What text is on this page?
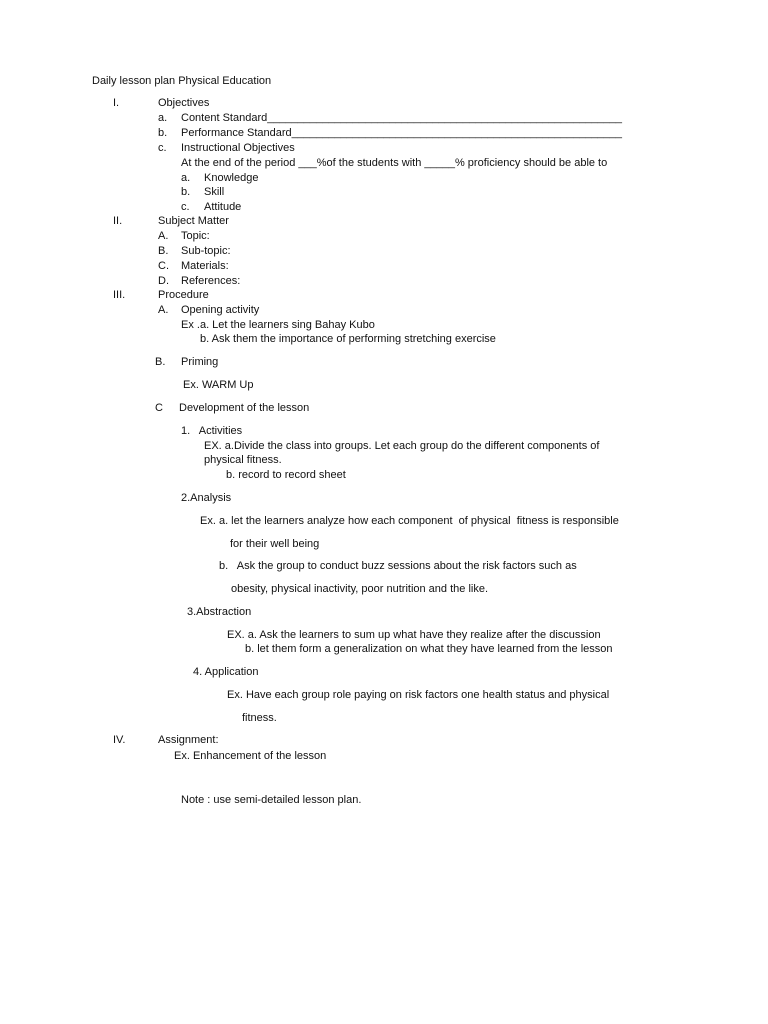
Daily lesson plan Physical Education
I.	Objectives
a. Content Standard__________________________________________________________
b. Performance Standard______________________________________________________
c. Instructional Objectives
At the end of the period ___%of the students with _____% proficiency should be able to
a. Knowledge
b. Skill
c. Attitude
II.	Subject Matter
A. Topic:
B. Sub-topic:
C. Materials:
D. References:
III.	Procedure
A. Opening activity
Ex .a. Let the learners sing Bahay Kubo
b. Ask them the importance of performing stretching exercise
B. Priming
Ex. WARM Up
C Development of the lesson
1.   Activities
EX. a.Divide the class into groups. Let each group do the different components of
physical fitness.
b. record to record sheet
2.Analysis
Ex. a. let the learners analyze how each component  of physical  fitness is responsible
for their well being
b.   Ask the group to conduct buzz sessions about the risk factors such as
obesity, physical inactivity, poor nutrition and the like.
3.Abstraction
EX. a. Ask the learners to sum up what have they realize after the discussion
b. let them form a generalization on what they have learned from the lesson
4. Application
Ex. Have each group role paying on risk factors one health status and physical
fitness.
IV.	Assignment:
Ex. Enhancement of the lesson
Note : use semi-detailed lesson plan.
